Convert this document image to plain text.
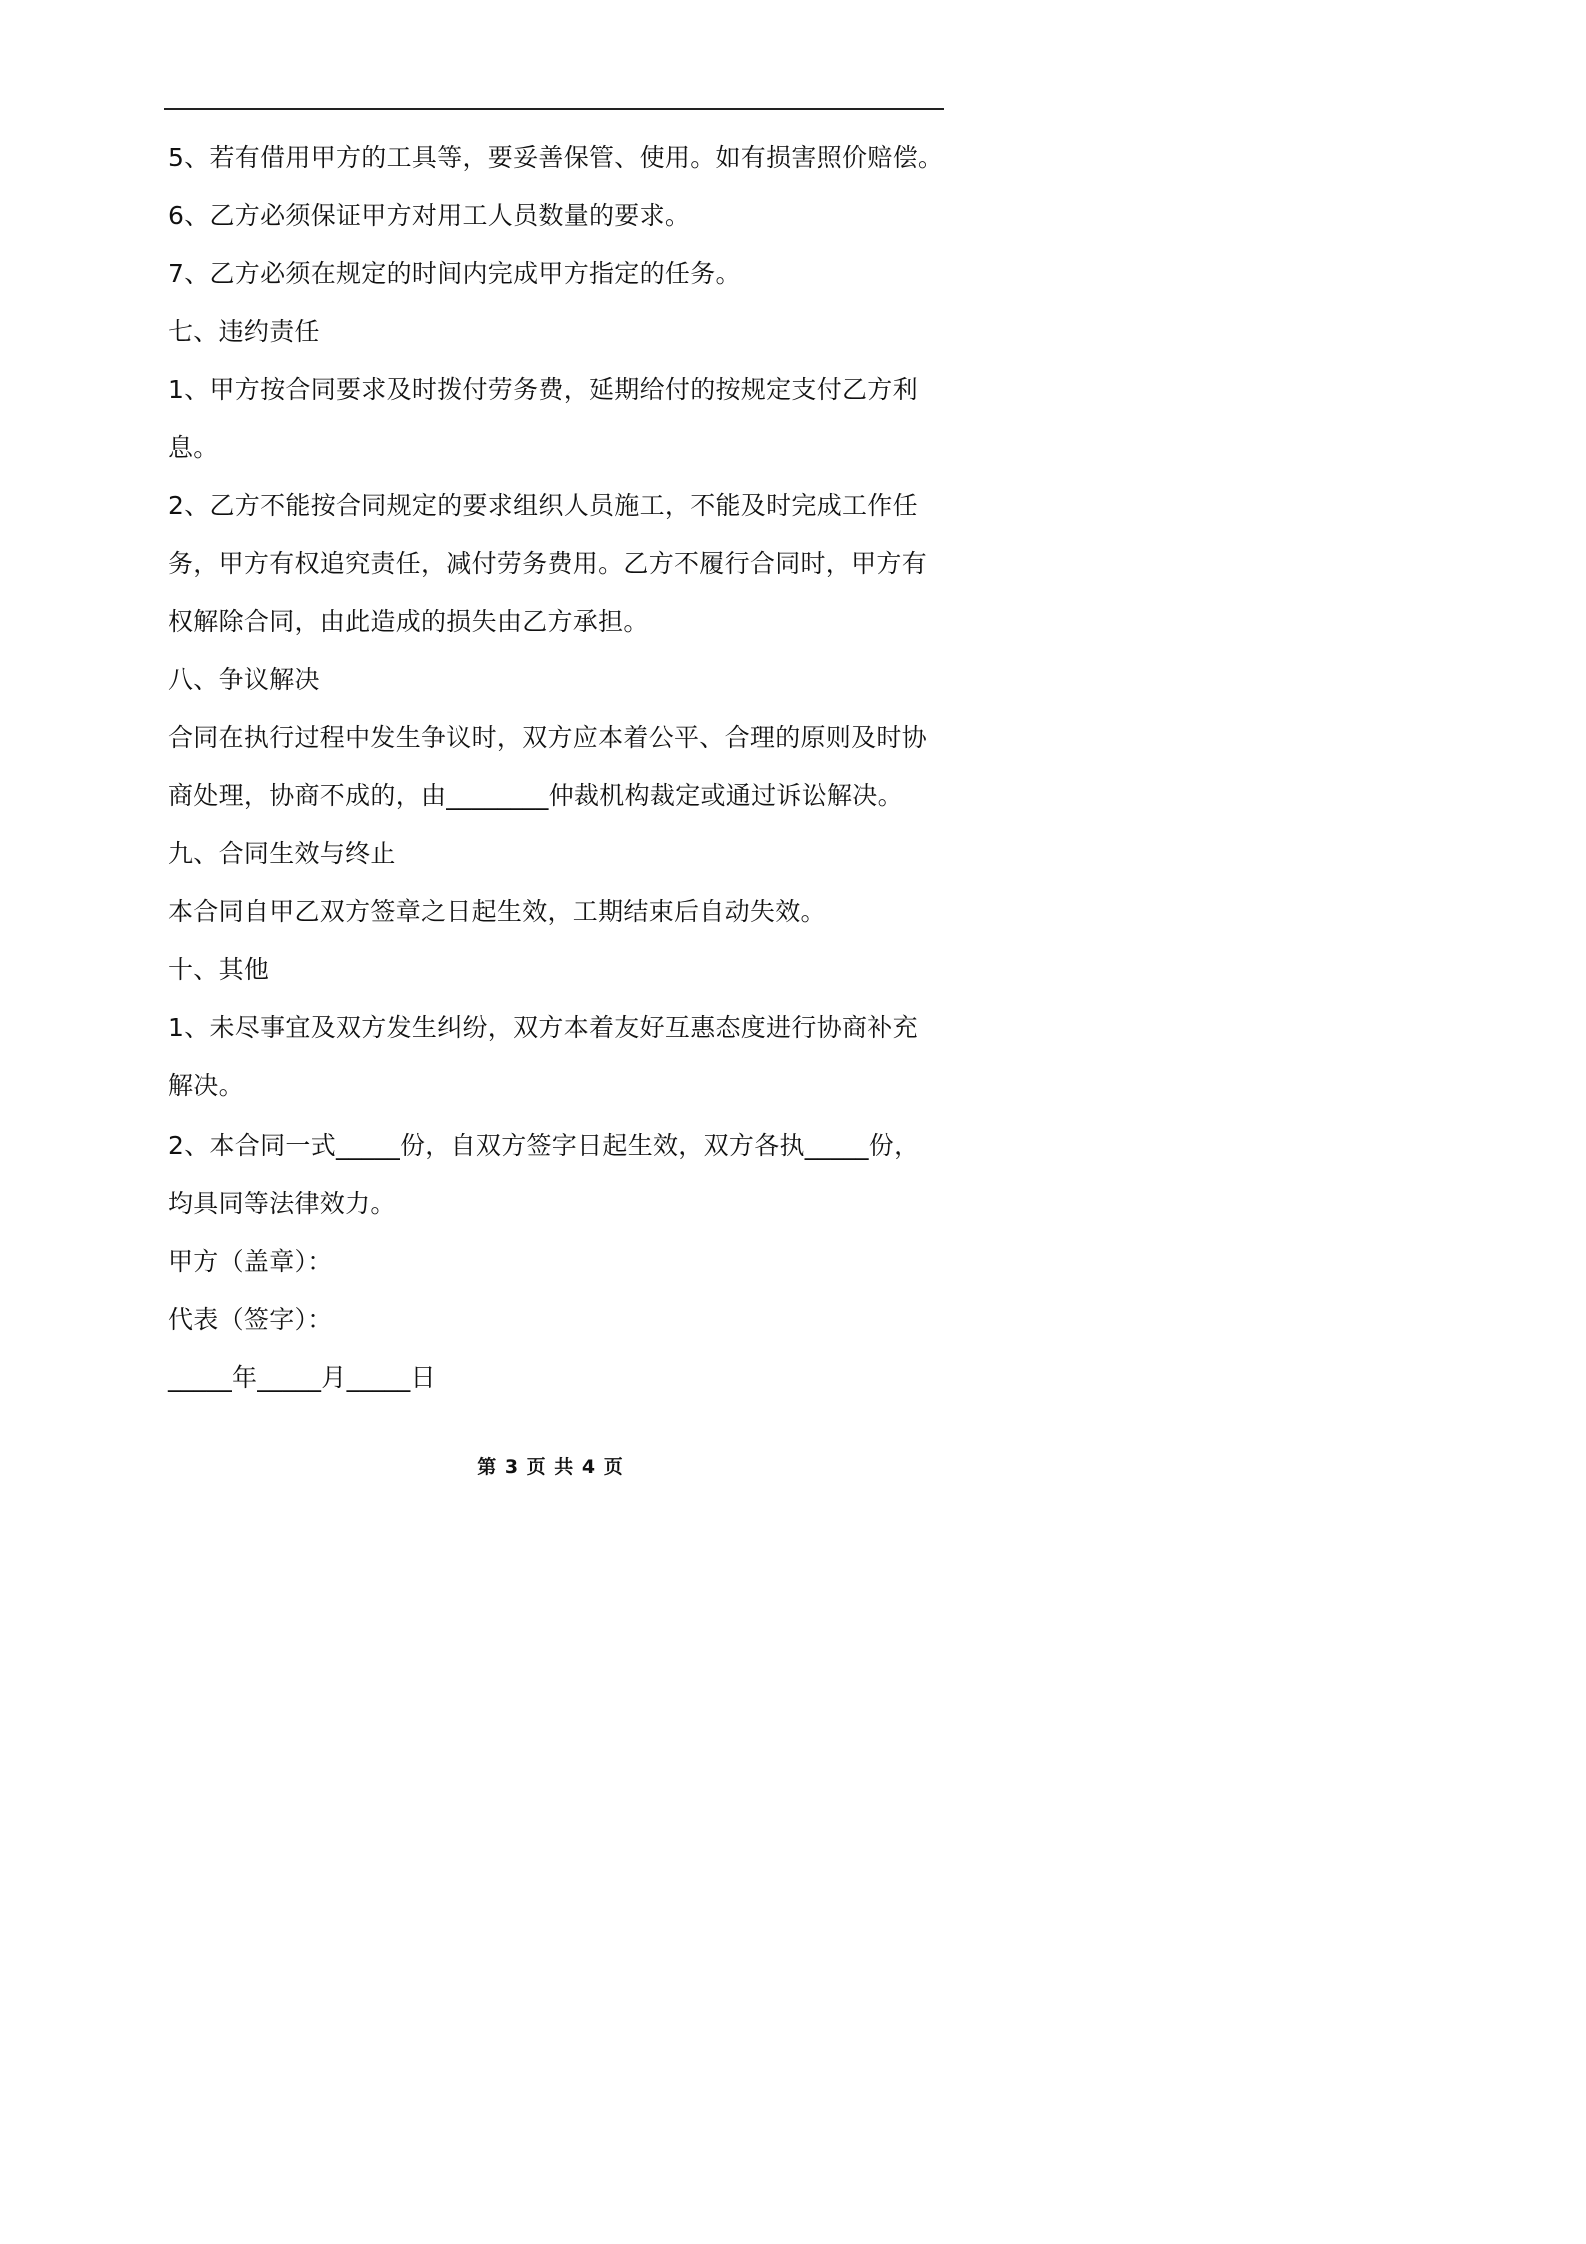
5、若有借用甲方的工具等，要妥善保管、使用。如有损害照价赔偿。
6、乙方必须保证甲方对用工人员数量的要求。
7、乙方必须在规定的时间内完成甲方指定的任务。
七、违约责任
1、甲方按合同要求及时拨付劳务费，延期给付的按规定支付乙方利
息。
2、乙方不能按合同规定的要求组织人员施工，不能及时完成工作任
务，甲方有权追究责任，减付劳务费用。乙方不履行合同时，甲方有
权解除合同，由此造成的损失由乙方承担。
八、争议解决
合同在执行过程中发生争议时，双方应本着公平、合理的原则及时协
商处理，协商不成的，由________仲裁机构裁定或通过诉讼解决。
九、合同生效与终止
本合同自甲乙双方签章之日起生效，工期结束后自动失效。
十、其他
1、未尽事宜及双方发生纠纷，双方本着友好互惠态度进行协商补充
解决。
2、本合同一式_____份，自双方签字日起生效，双方各执_____份，
均具同等法律效力。
甲方（盖章）：
代表（签字）：
_____年_____月_____日
第 3 页 共 4 页
